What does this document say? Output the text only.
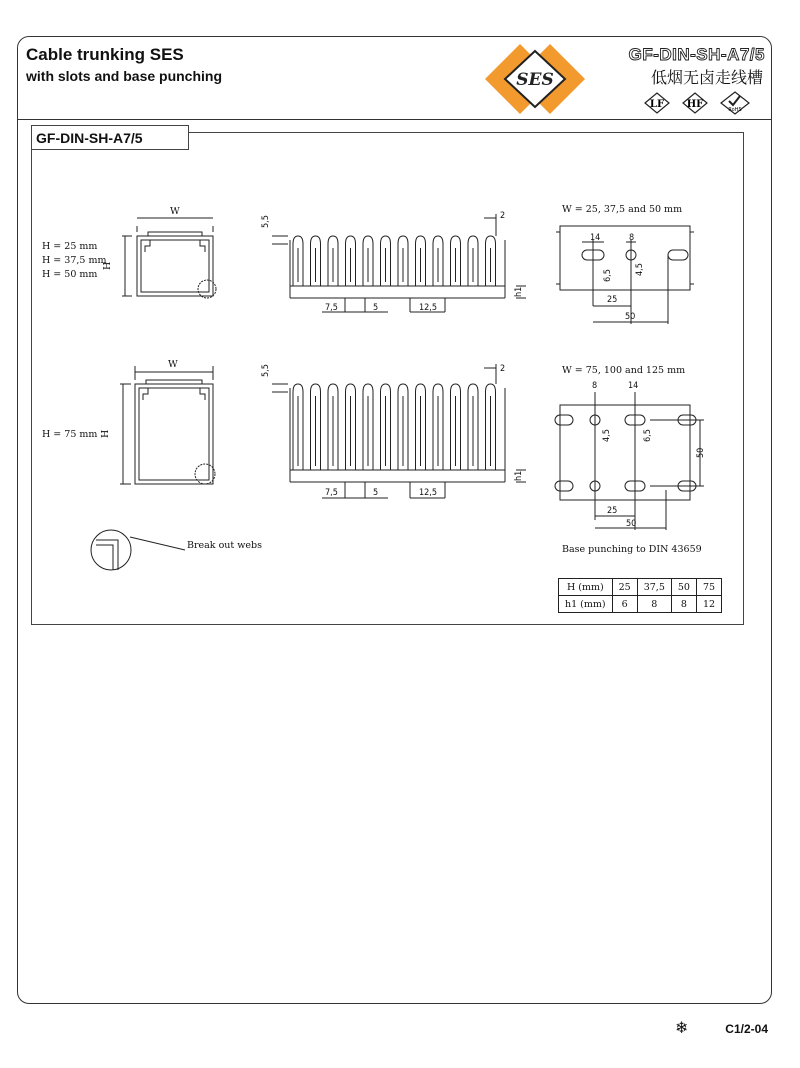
Cable trunking SES
with slots and base punching	SES
GF-DIN-SH-A7/5
低烟无卤走线槽
LF HF	RoHS
GF-DIN-SH-A7/5
W
H
H = 25 mm
H = 37,5 mm
H = 50 mm
W
H
H = 75 mm
Break out webs
5,5	2
7,5	5	12,5
h1
5,5	2
7,5	5	12,5
h1
W = 25, 37,5 and 50 mm
14	8
6,5 4,5
25
50
W = 75, 100 and 125 mm
8	14
4,5	6,5
50
25
50
Base punching to DIN 43659
H (mm)	25	37,5	50	75
h1 (mm)	6	8	8	12
❄	C1/2-04
